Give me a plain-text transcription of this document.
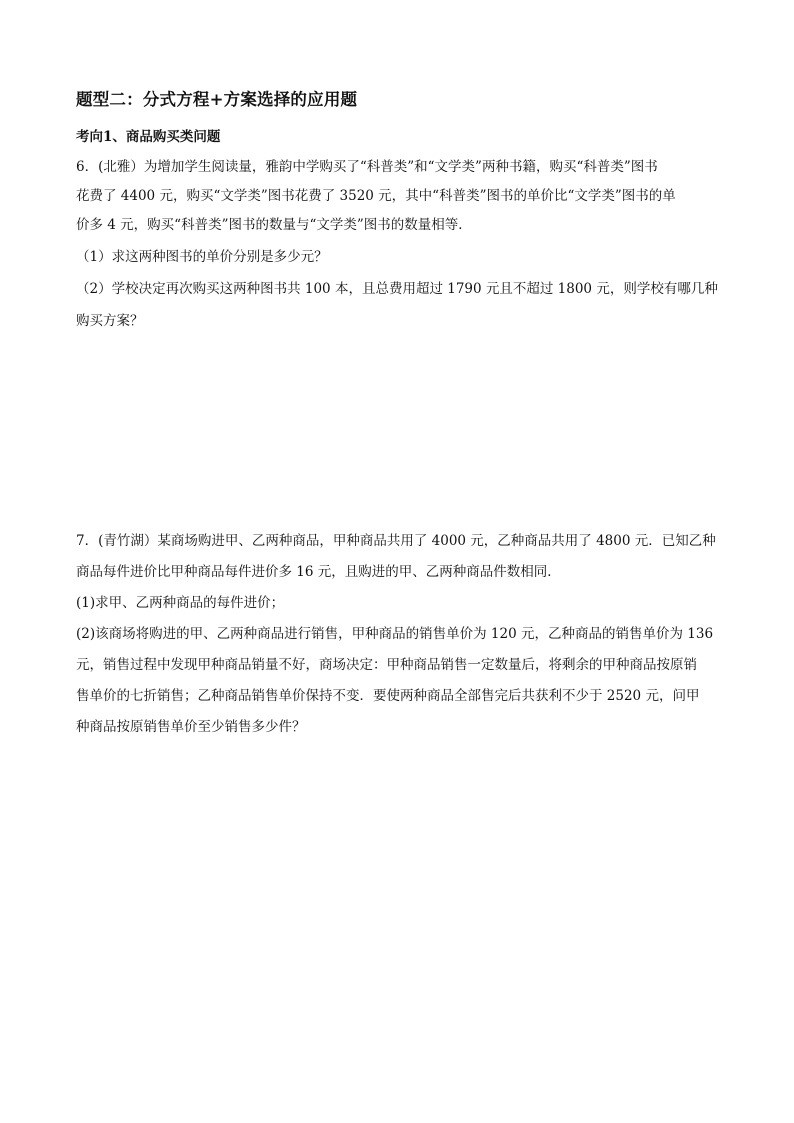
题型二：分式方程+方案选择的应用题
考向1、商品购买类问题
6．(北雅）为增加学生阅读量，雅韵中学购买了“科普类”和“文学类”两种书籍，购买“科普类”图书
花费了 4400 元，购买“文学类”图书花费了 3520 元，其中“科普类”图书的单价比“文学类”图书的单
价多 4 元，购买“科普类”图书的数量与“文学类”图书的数量相等．
（1）求这两种图书的单价分别是多少元？
（2）学校决定再次购买这两种图书共 100 本，且总费用超过 1790 元且不超过 1800 元，则学校有哪几种
购买方案？
7．(青竹湖）某商场购进甲、乙两种商品，甲种商品共用了 4000 元，乙种商品共用了 4800 元．已知乙种
商品每件进价比甲种商品每件进价多 16 元，且购进的甲、乙两种商品件数相同．
(1)求甲、乙两种商品的每件进价；
(2)该商场将购进的甲、乙两种商品进行销售，甲种商品的销售单价为 120 元，乙种商品的销售单价为 136
元，销售过程中发现甲种商品销量不好，商场决定：甲种商品销售一定数量后，将剩余的甲种商品按原销
售单价的七折销售；乙种商品销售单价保持不变．要使两种商品全部售完后共获利不少于 2520 元，问甲
种商品按原销售单价至少销售多少件？
